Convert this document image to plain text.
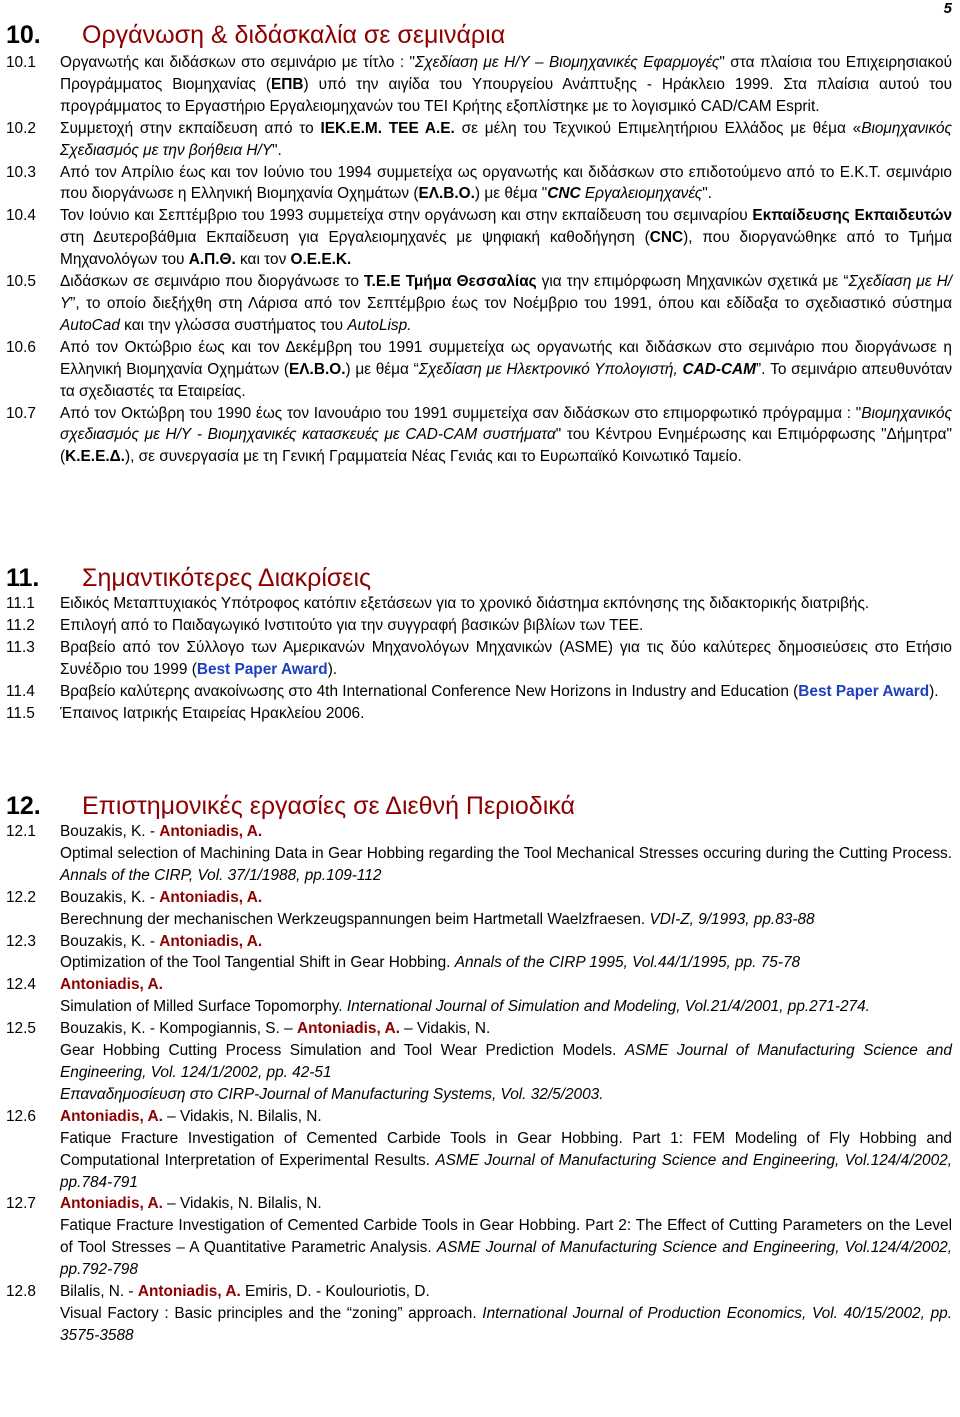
5
10. Οργάνωση & διδάσκαλία σε σεμινάρια
10.1	Οργανωτής και διδάσκων στο σεμινάριο με τίτλο : "Σχεδίαση με Η/Υ – Βιομηχανικές Εφαρμογές" στα πλαίσια του Επιχειρησιακού Προγράμματος Βιομηχανίας (ΕΠΒ) υπό την αιγίδα του Υπουργείου Ανάπτυξης - Ηράκλειο 1999. Στα πλαίσια αυτού του προγράμματος το Εργαστήριο Εργαλειομηχανών του ΤΕΙ Κρήτης εξοπλίστηκε με το λογισμικό CAD/CAM Esprit.
10.2	Συμμετοχή στην εκπαίδευση από το ΙΕΚ.Ε.Μ. ΤΕΕ Α.Ε. σε μέλη του Τεχνικού Επιμελητήριου Ελλάδος με θέμα «Βιομηχανικός Σχεδιασμός με την βοήθεια Η/Υ".
10.3	Από τον Απρίλιο έως και τον Ιούνιο του 1994 συμμετείχα ως οργανωτής και διδάσκων στο επιδοτούμενο από το Ε.Κ.Τ. σεμινάριο που διοργάνωσε η Ελληνική Βιομηχανία Οχημάτων (ΕΛ.Β.Ο.) με θέμα "CNC Εργαλειομηχανές".
10.4	Τον Ιούνιο και Σεπτέμβριο του 1993 συμμετείχα στην οργάνωση και στην εκπαίδευση του σεμιναρίου Εκπαίδευσης Εκπαιδευτών στη Δευτεροβάθμια Εκπαίδευση για Εργαλειομηχανές με ψηφιακή καθοδήγηση (CNC), που διοργανώθηκε από το Τμήμα Μηχανολόγων του Α.Π.Θ. και τον Ο.Ε.Ε.Κ.
10.5	Διδάσκων σε σεμινάριο που διοργάνωσε το Τ.Ε.Ε Τμήμα Θεσσαλίας για την επιμόρφωση Μηχανικών σχετικά με “Σχεδίαση με Η/Υ”, το οποίο διεξήχθη στη Λάρισα από τον Σεπτέμβριο έως τον Νοέμβριο του 1991, όπου και εδίδαξα το σχεδιαστικό σύστημα AutoCad και την γλώσσα συστήματος του AutoLisp.
10.6	Από τον Οκτώβριο έως και τον Δεκέμβρη του 1991 συμμετείχα ως οργανωτής και διδάσκων στο σεμινάριο που διοργάνωσε η Ελληνική Βιομηχανία Οχημάτων (ΕΛ.Β.Ο.) με θέμα “Σχεδίαση με Ηλεκτρονικό Υπολογιστή, CAD-CAM”. Το σεμινάριο απευθυνόταν τα σχεδιαστές τα Εταιρείας.
10.7	Από τον Οκτώβρη του 1990 έως τον Ιανουάριο του 1991 συμμετείχα σαν διδάσκων στο επιμορφωτικό πρόγραμμα : "Βιομηχανικός σχεδιασμός με Η/Υ - Βιομηχανικές κατασκευές με CAD-CAM συστήματα" του Κέντρου Ενημέρωσης και Επιμόρφωσης "Δήμητρα" (Κ.Ε.Ε.Δ.), σε συνεργασία με τη Γενική Γραμματεία Νέας Γενιάς και το Ευρωπαϊκό Κοινωτικό Ταμείο.
11. Σημαντικότερες Διακρίσεις
11.1	Ειδικός Μεταπτυχιακός Υπότροφος κατόπιν εξετάσεων για το χρονικό διάστημα εκπόνησης της διδακτορικής διατριβής.
11.2	Επιλογή από το Παιδαγωγικό Ινστιτούτο για την συγγραφή βασικών βιβλίων των ΤΕΕ.
11.3	Βραβείο από τον Σύλλογο των Αμερικανών Μηχανολόγων Μηχανικών (ASME) για τις δύο καλύτερες δημοσιεύσεις στο Ετήσιο Συνέδριο του 1999 (Best Paper Award).
11.4	Βραβείο καλύτερης ανακοίνωσης στο 4th International Conference New Horizons in Industry and Education (Best Paper Award).
11.5	Έπαινος Ιατρικής Εταιρείας Ηρακλείου 2006.
12. Επιστημονικές εργασίες σε Διεθνή Περιοδικά
12.1	Bouzakis, K. - Antoniadis, A.
Optimal selection of Machining Data in Gear Hobbing regarding the Tool Mechanical Stresses occuring during the Cutting Process. Annals of the CIRP, Vol. 37/1/1988, pp.109-112
12.2	Bouzakis, K. - Antoniadis, A.
Berechnung der mechanischen Werkzeugspannungen beim Hartmetall Waelzfraesen. VDI-Z, 9/1993, pp.83-88
12.3	Bouzakis, K. - Antoniadis, A.
Optimization of the Tool Tangential Shift in Gear Hobbing. Annals of the CIRP 1995, Vol.44/1/1995, pp. 75-78
12.4	Antoniadis, A.
Simulation of Milled Surface Topomorphy. International Journal of Simulation and Modeling, Vol.21/4/2001, pp.271-274.
12.5	Bouzakis, K. - Kompogiannis, S. – Antoniadis, A. – Vidakis, N.
Gear Hobbing Cutting Process Simulation and Tool Wear Prediction Models. ASME Journal of Manufacturing Science and Engineering, Vol. 124/1/2002, pp. 42-51
Επαναδημοσίευση στο CIRP-Journal of Manufacturing Systems, Vol. 32/5/2003.
12.6	Antoniadis, A. – Vidakis, N. Bilalis, N.
Fatique Fracture Investigation of Cemented Carbide Tools in Gear Hobbing. Part 1: FEM Modeling of Fly Hobbing and Computational Interpretation of Experimental Results. ASME Journal of Manufacturing Science and Engineering, Vol.124/4/2002, pp.784-791
12.7	Antoniadis, A. – Vidakis, N. Bilalis, N.
Fatique Fracture Investigation of Cemented Carbide Tools in Gear Hobbing. Part 2: The Effect of Cutting Parameters on the Level of Tool Stresses – A Quantitative Parametric Analysis. ASME Journal of Manufacturing Science and Engineering, Vol.124/4/2002, pp.792-798
12.8	Bilalis, N. - Antoniadis, A. Emiris, D. - Koulouriotis, D.
Visual Factory : Basic principles and the “zoning” approach. International Journal of Production Economics, Vol. 40/15/2002, pp. 3575-3588
